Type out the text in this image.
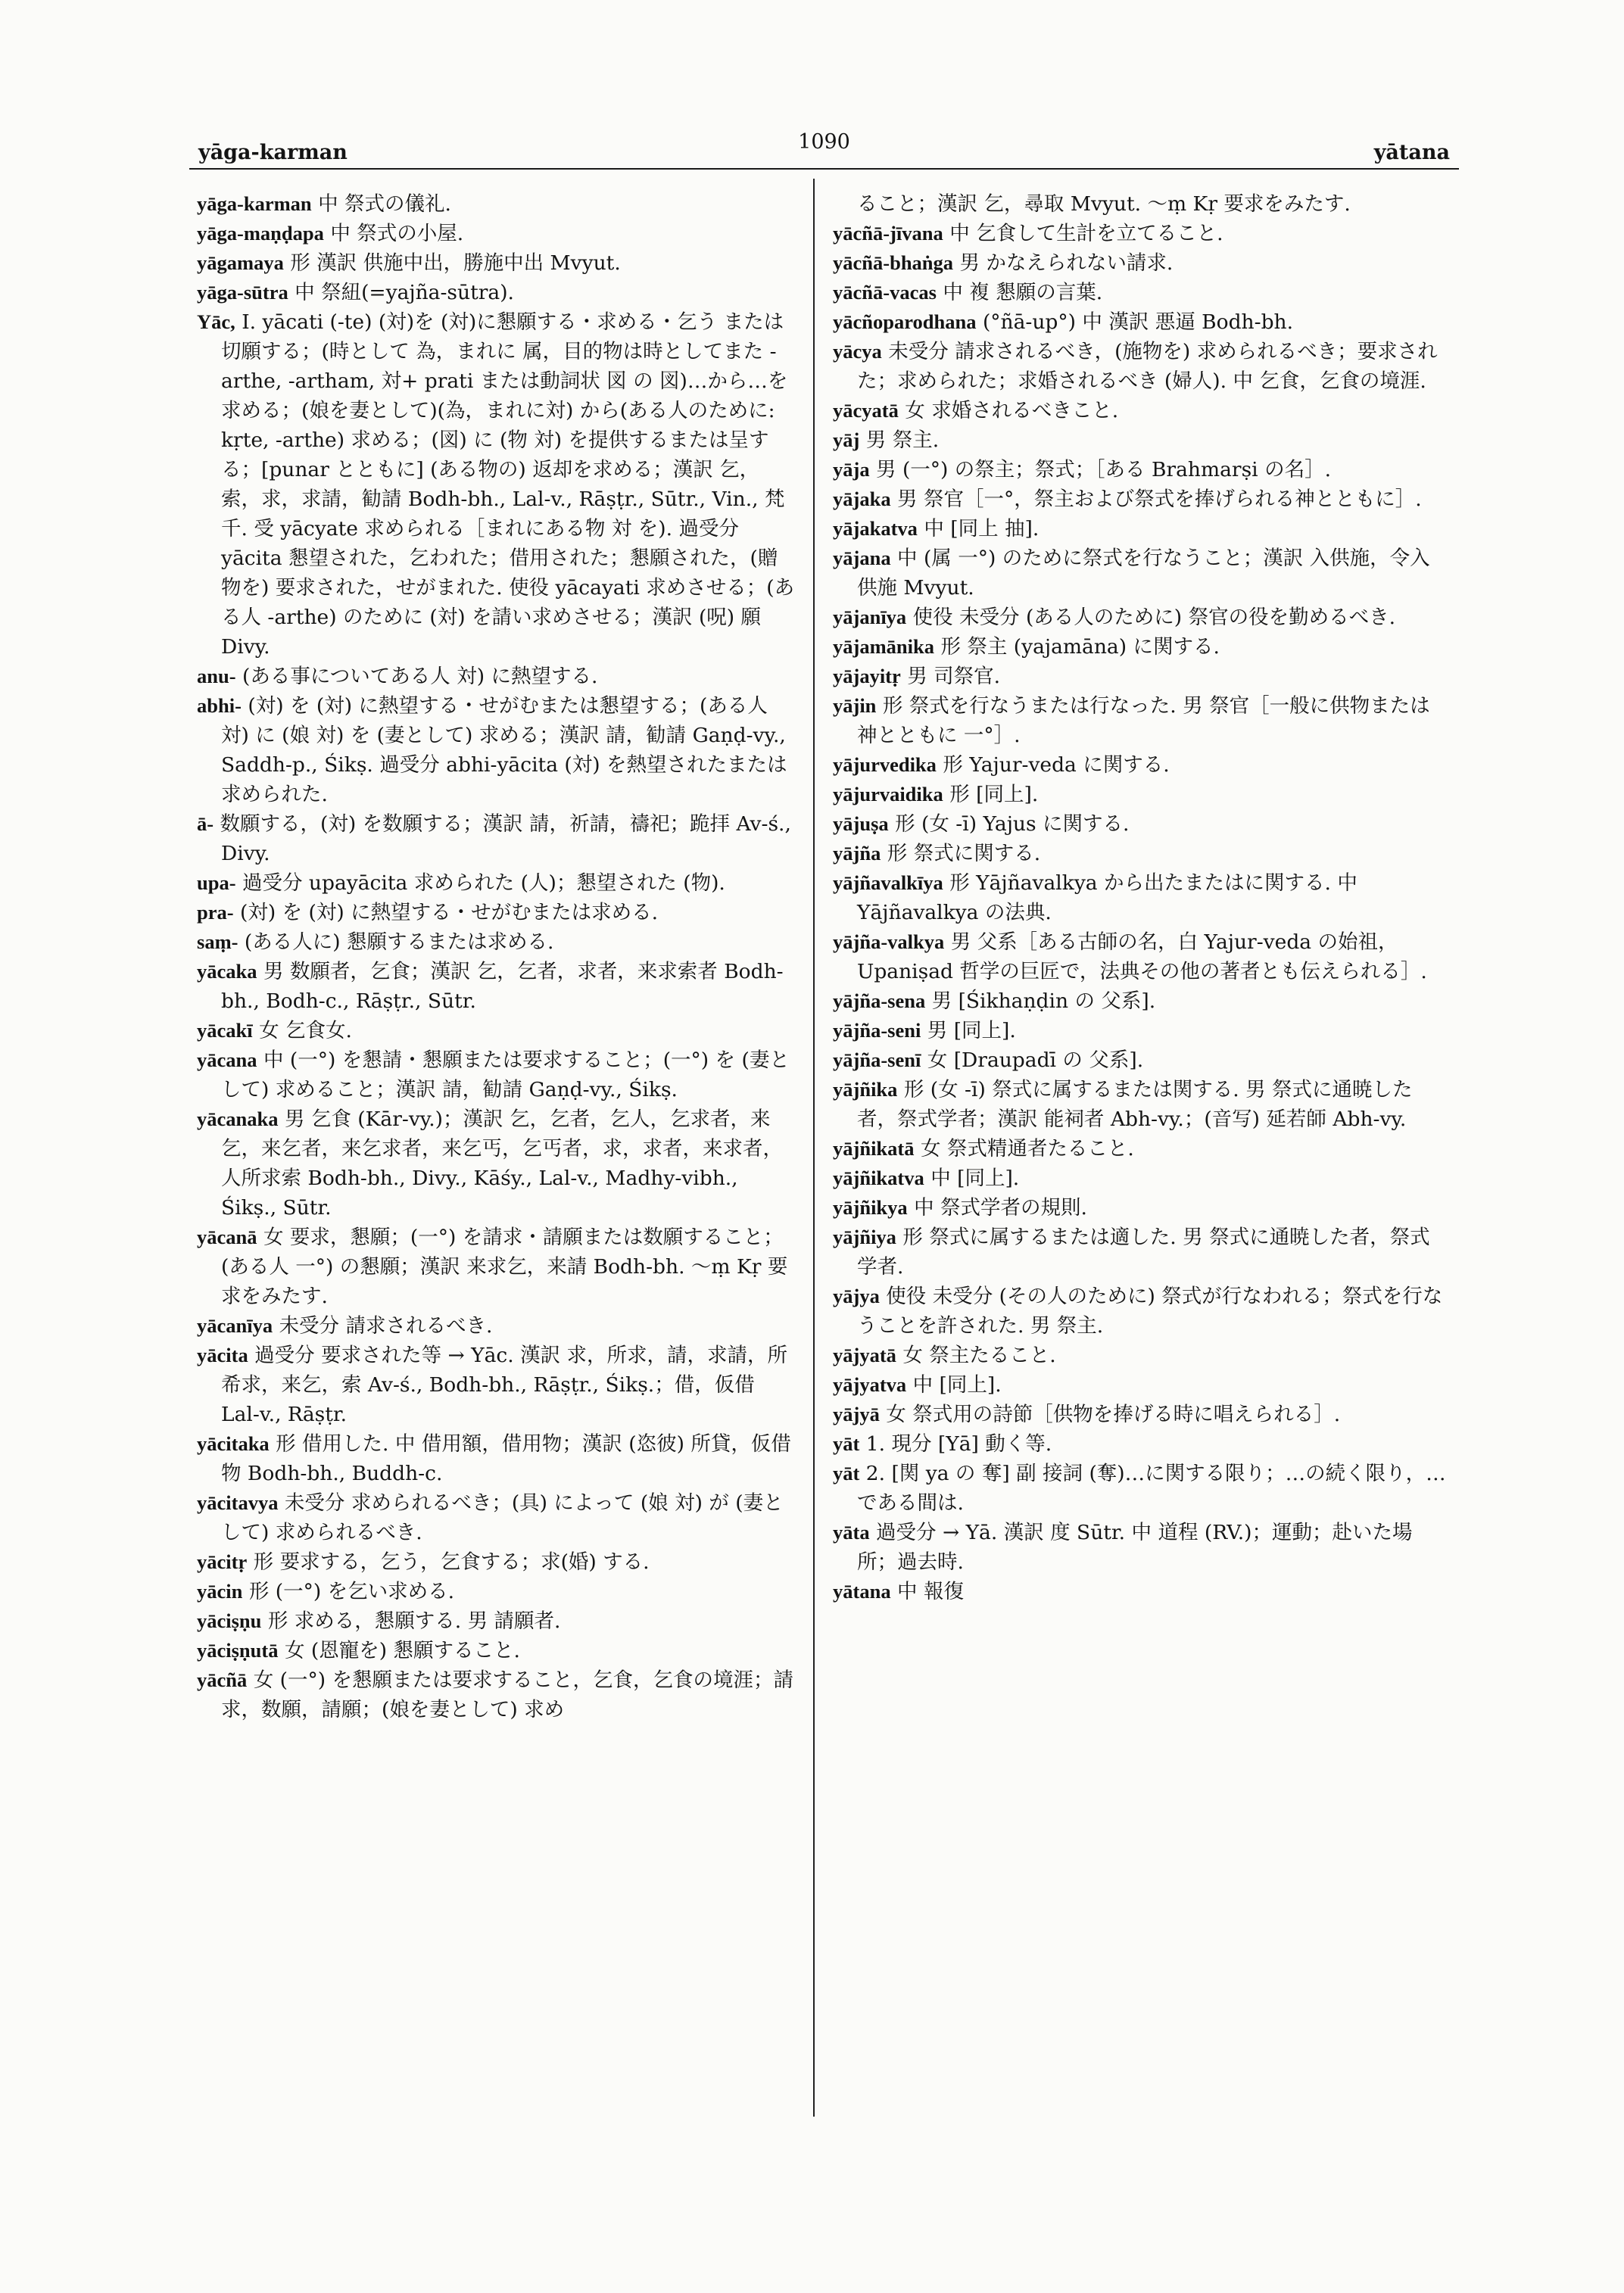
yāga-karman	1090	yātana

yāga-karman 中 祭式の儀礼.

yāga-maṇḍapa 中 祭式の小屋.

yāgamaya 形 漢訳 供施中出，勝施中出 Mvyut.

yāga-sūtra 中 祭紐(=yajña-sūtra).

Yāc, Ⅰ. yācati (-te) (対)を (対)に懇願する・求める・乞う または切願する；(時として 為，まれに 属，目的物は時としてまた -arthe, -artham, 対+ prati または動詞状 図 の 図)…から…を求める；(娘を妻として)(為，まれに対) から(ある人のために: kṛte, -arthe) 求める；(図) に (物 対) を提供するまたは呈する；[punar とともに] (ある物の) 返却を求める；漢訳 乞，索，求，求請，勧請 Bodh-bh., Lal-v., Rāṣṭr., Sūtr., Vin., 梵千. 受 yācyate 求められる［まれにある物 対 を). 過受分 yācita 懇望された，乞われた；借用された；懇願された，(贈物を) 要求された，せがまれた. 使役 yācayati 求めさせる；(ある人 -arthe) のために (対) を請い求めさせる；漢訳 (呪) 願 Divy.

anu- (ある事についてある人 対) に熱望する.

abhi- (対) を (対) に熱望する・せがむまたは懇望する；(ある人 対) に (娘 対) を (妻として) 求める；漢訳 請，勧請 Gaṇḍ-vy., Saddh-p., Śikṣ. 過受分 abhi-yācita (対) を熱望されたまたは求められた.

ā- 数願する，(対) を数願する；漢訳 請，祈請，禱祀；跪拝 Av-ś., Divy.

upa- 過受分 upayācita 求められた (人)；懇望された (物).

pra- (対) を (対) に熱望する・せがむまたは求める.

saṃ- (ある人に) 懇願するまたは求める.

yācaka 男 数願者，乞食；漢訳 乞，乞者，求者，来求索者 Bodh-bh., Bodh-c., Rāṣṭr., Sūtr.

yācakī 女 乞食女.

yācana 中 (一°) を懇請・懇願または要求すること；(一°) を (妻として) 求めること；漢訳 請，勧請 Gaṇḍ-vy., Śikṣ.

yācanaka 男 乞食 (Kār-vy.)；漢訳 乞，乞者，乞人，乞求者，来乞，来乞者，来乞求者，来乞丐，乞丐者，求，求者，来求者，人所求索 Bodh-bh., Divy., Kāśy., Lal-v., Madhy-vibh., Śikṣ., Sūtr.

yācanā 女 要求，懇願；(一°) を請求・請願または数願すること；(ある人 一°) の懇願；漢訳 来求乞，来請 Bodh-bh. ～ṃ Kṛ 要求をみたす.

yācanīya 未受分 請求されるべき.

yācita 過受分 要求された等 → Yāc. 漢訳 求，所求，請，求請，所希求，来乞，索 Av-ś., Bodh-bh., Rāṣṭr., Śikṣ.；借，仮借 Lal-v., Rāṣṭr.

yācitaka 形 借用した. 中 借用額，借用物；漢訳 (恣彼) 所貸，仮借物 Bodh-bh., Buddh-c.

yācitavya 未受分 求められるべき；(具) によって (娘 対) が (妻として) 求められるべき.

yācitṛ 形 要求する，乞う，乞食する；求(婚) する.

yācin 形 (一°) を乞い求める.

yāciṣṇu 形 求める，懇願する. 男 請願者.

yāciṣṇutā 女 (恩寵を) 懇願すること.

yācñā 女 (一°) を懇願または要求すること，乞食，乞食の境涯；請求，数願，請願；(娘を妻として) 求め

ること；漢訳 乞，尋取 Mvyut. ～ṃ Kṛ 要求をみたす.

yācñā-jīvana 中 乞食して生計を立てること.

yācñā-bhaṅga 男 かなえられない請求.

yācñā-vacas 中 複 懇願の言葉.

yācñoparodhana (°ñā-up°) 中 漢訳 悪逼 Bodh-bh.

yācya 未受分 請求されるべき，(施物を) 求められるべき；要求された；求められた；求婚されるべき (婦人). 中 乞食，乞食の境涯.

yācyatā 女 求婚されるべきこと.

yāj 男 祭主.

yāja 男 (一°) の祭主；祭式；［ある Brahmarṣi の名］.

yājaka 男 祭官［一°，祭主および祭式を捧げられる神とともに］.

yājakatva 中 [同上 抽].

yājana 中 (属 一°) のために祭式を行なうこと；漢訳 入供施，令入供施 Mvyut.

yājanīya 使役 未受分 (ある人のために) 祭官の役を勤めるべき.

yājamānika 形 祭主 (yajamāna) に関する.

yājayitṛ 男 司祭官.

yājin 形 祭式を行なうまたは行なった. 男 祭官［一般に供物または神とともに 一°］.

yājurvedika 形 Yajur-veda に関する.

yājurvaidika 形 [同上].

yājuṣa 形 (女 -ī) Yajus に関する.

yājña 形 祭式に関する.

yājñavalkīya 形 Yājñavalkya から出たまたはに関する. 中 Yājñavalkya の法典.

yājña-valkya 男 父系［ある古師の名，白 Yajur-veda の始祖，Upaniṣad 哲学の巨匠で，法典その他の著者とも伝えられる］.

yājña-sena 男 [Śikhaṇḍin の 父系].

yājña-seni 男 [同上].

yājña-senī 女 [Draupadī の 父系].

yājñika 形 (女 -ī) 祭式に属するまたは関する. 男 祭式に通暁した者，祭式学者；漢訳 能祠者 Abh-vy.；(音写) 延若師 Abh-vy.

yājñikatā 女 祭式精通者たること.

yājñikatva 中 [同上].

yājñikya 中 祭式学者の規則.

yājñiya 形 祭式に属するまたは適した. 男 祭式に通暁した者，祭式学者.

yājya 使役 未受分 (その人のために) 祭式が行なわれる；祭式を行なうことを許された. 男 祭主.

yājyatā 女 祭主たること.

yājyatva 中 [同上].

yājyā 女 祭式用の詩節［供物を捧げる時に唱えられる］.

yāt 1. 現分 [Yā] 動く等.

yāt 2. [関 ya の 奪] 副 接詞 (奪)…に関する限り；…の続く限り，…である間は.

yāta 過受分 → Yā. 漢訳 度 Sūtr. 中 道程 (RV.)；運動；赴いた場所；過去時.

yātana 中 報復
